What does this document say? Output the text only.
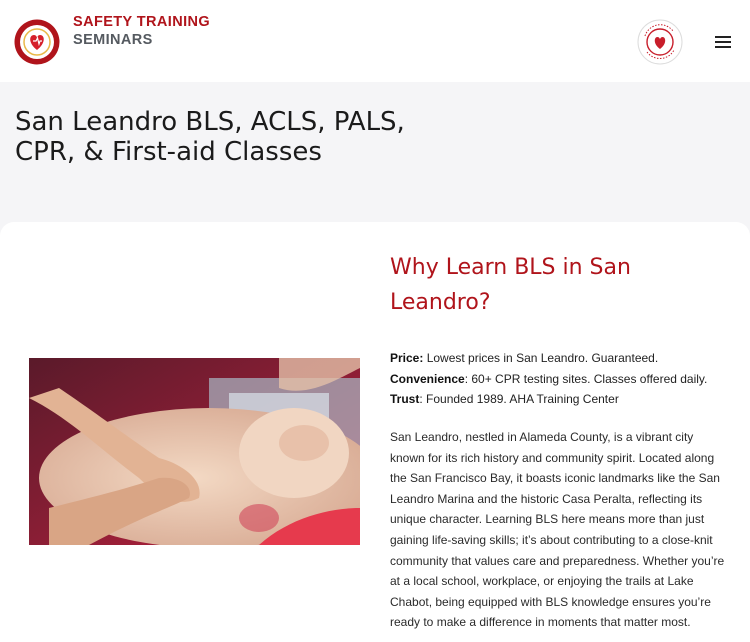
SAFETY TRAINING
SEMINARS
San Leandro BLS, ACLS, PALS,
CPR, & First-aid Classes
Why Learn BLS in San
Leandro?
Price: Lowest prices in San Leandro. Guaranteed.
Convenience: 60+ CPR testing sites. Classes offered daily.
Trust: Founded 1989. AHA Training Center

San Leandro, nestled in Alameda County, is a vibrant city known for its rich history and community spirit. Located along the San Francisco Bay, it boasts iconic landmarks like the San Leandro Marina and the historic Casa Peralta, reflecting its unique character. Learning BLS here means more than just gaining life-saving skills; it’s about contributing to a close-knit community that values care and preparedness. Whether you’re at a local school, workplace, or enjoying the trails at Lake Chabot, being equipped with BLS knowledge ensures you’re ready to make a difference in moments that matter most.
